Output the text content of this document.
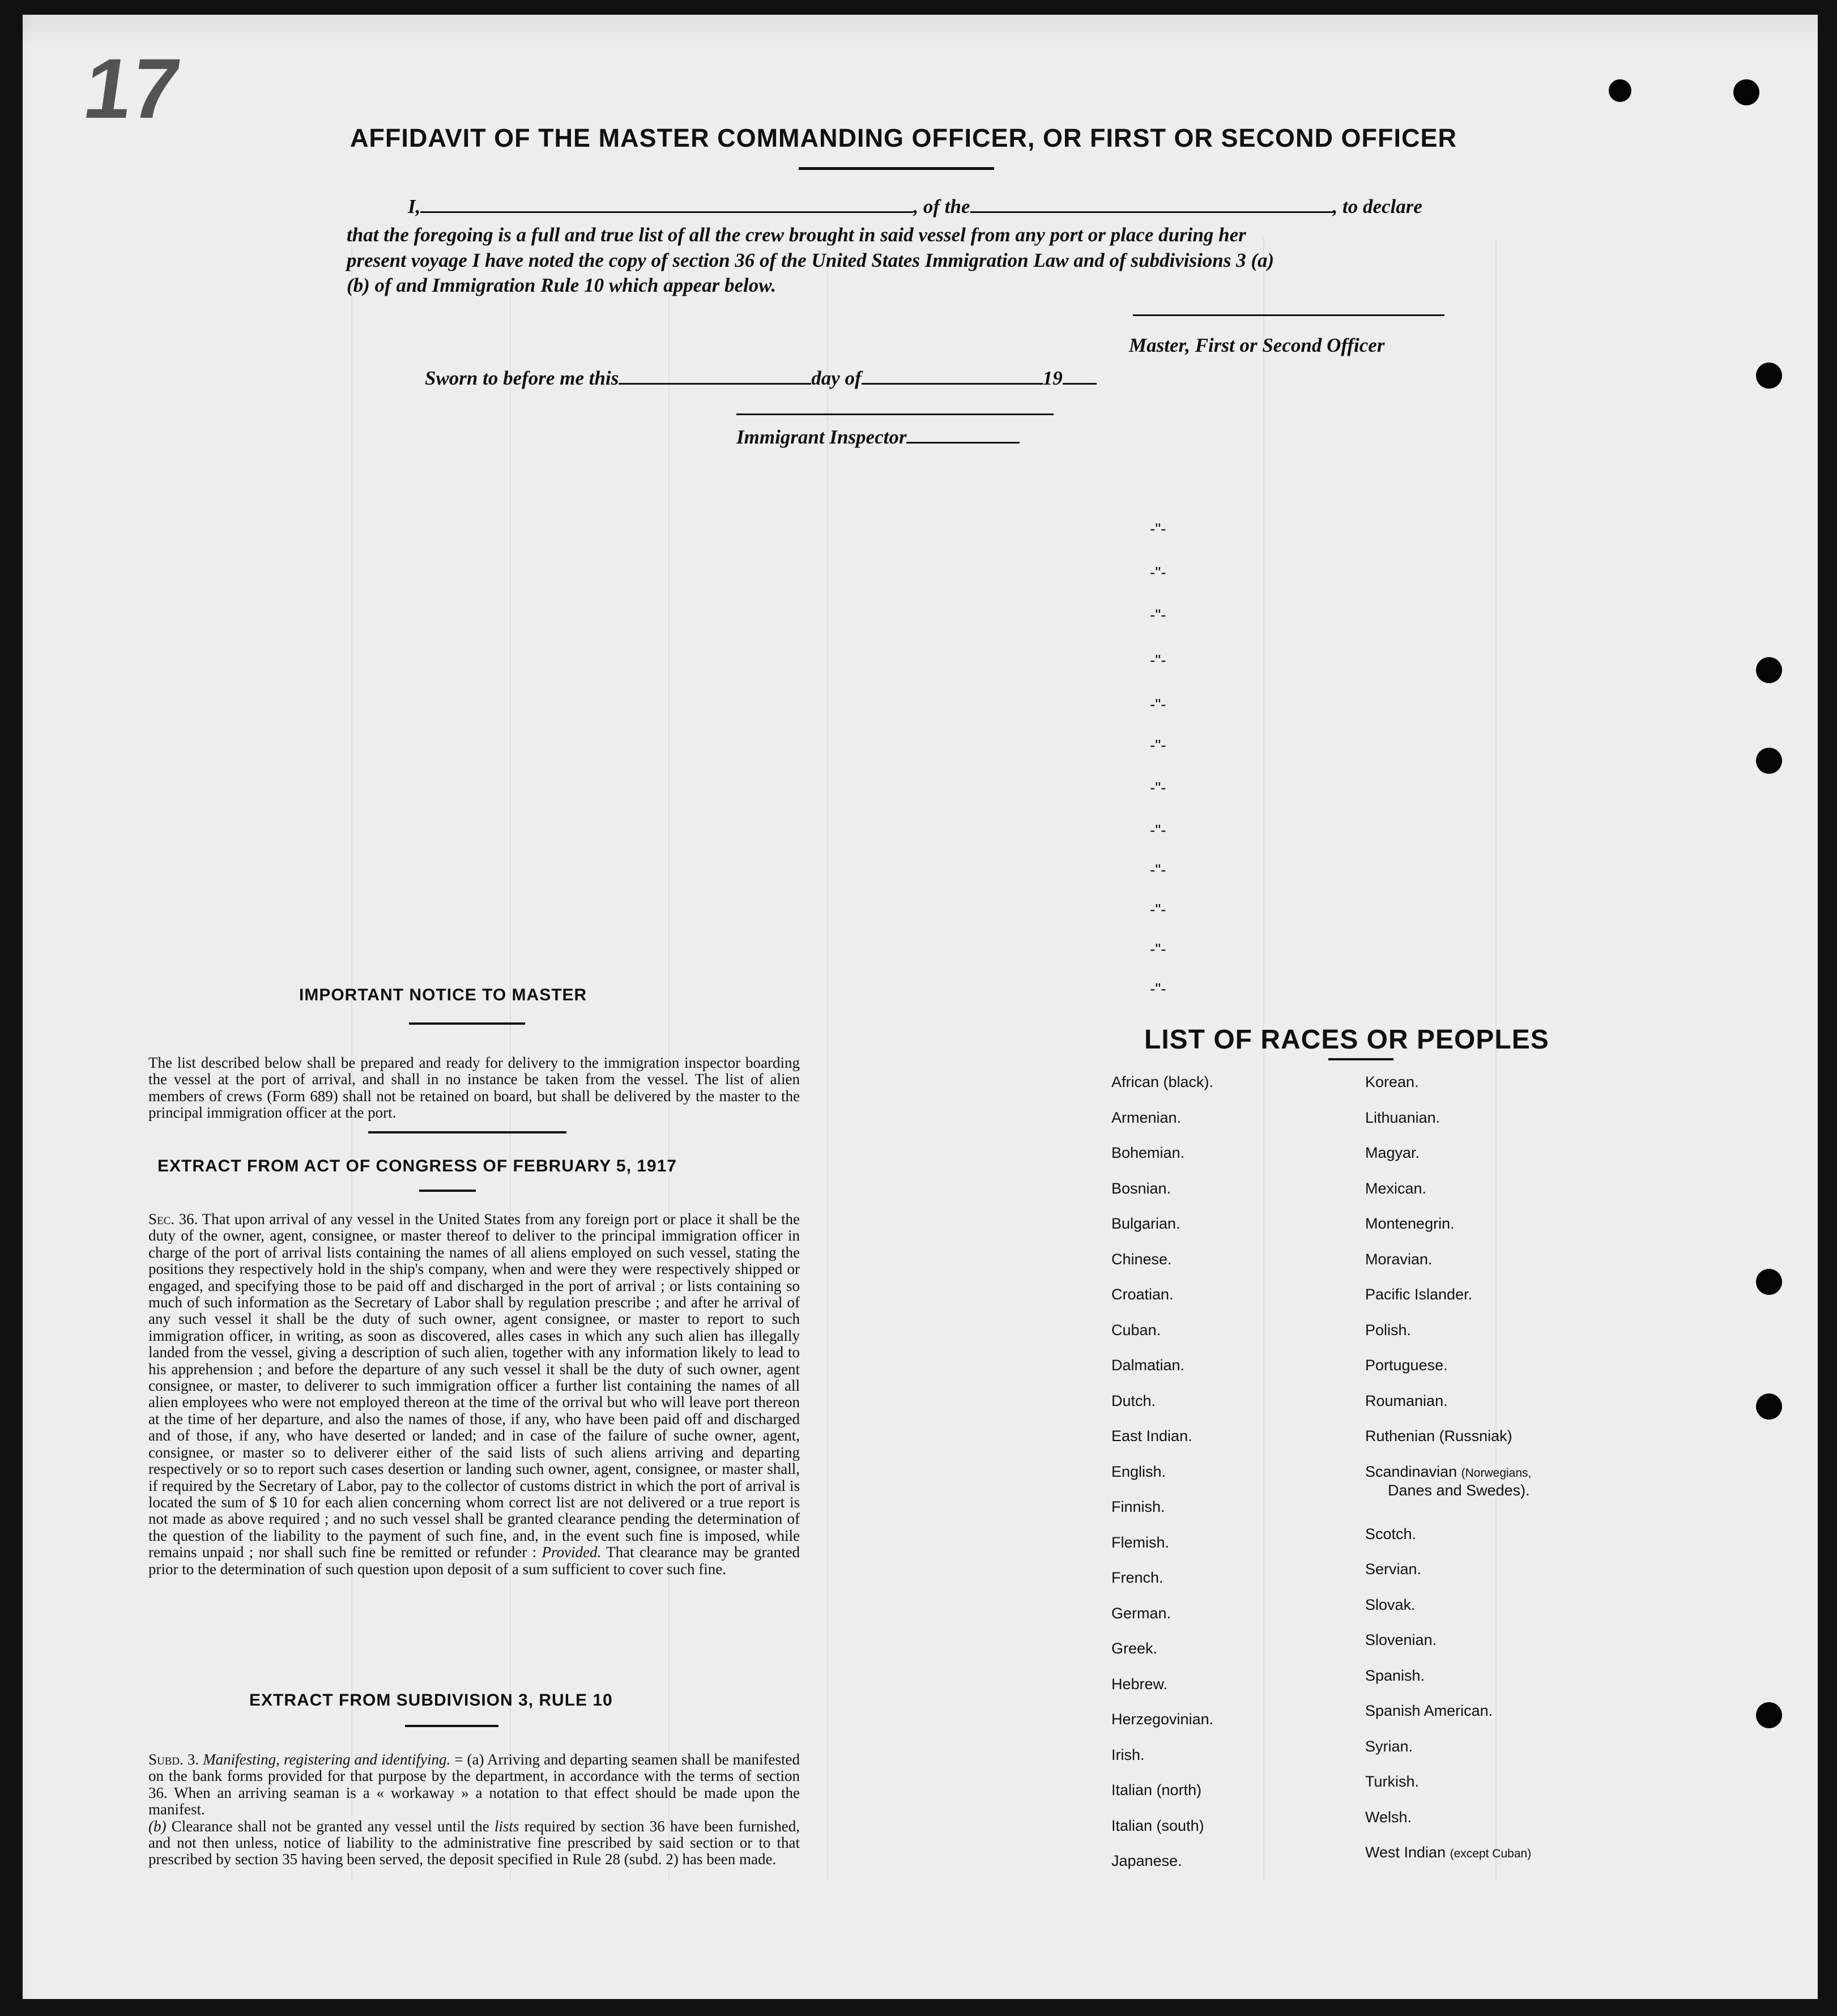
17
AFFIDAVIT OF THE MASTER COMMANDING OFFICER, OR FIRST OR SECOND OFFICER
I,	, of the	, to declare
that the foregoing is a full and true list of all the crew brought in said vessel from any port or place during her
present voyage I have noted the copy of section 36 of the United States Immigration Law and of subdivisions 3 (a)
(b) of and Immigration Rule 10 which appear below.
Master, First or Second Officer
Sworn to before me this	day of	19
Immigrant Inspector
-"-
-"-
-"-
-"-
-"-
-"-
-"-
-"-
-"-
-"-
-"-
-"-
IMPORTANT NOTICE TO MASTER
The list described below shall be prepared and ready for delivery to the immigration inspector boarding the vessel at the port of arrival, and shall in no instance be taken from the vessel. The list of alien members of crews (Form 689) shall not be retained on board, but shall be delivered by the master to the principal immigration officer at the port.
EXTRACT FROM ACT OF CONGRESS OF FEBRUARY 5, 1917
Sec. 36. That upon arrival of any vessel in the United States from any foreign port or place it shall be the duty of the owner, agent, consignee, or master thereof to deliver to the principal immigration officer in charge of the port of arrival lists containing the names of all aliens employed on such vessel, stating the positions they respectively hold in the ship's company, when and were they were respectively shipped or engaged, and specifying those to be paid off and discharged in the port of arrival ; or lists containing so much of such information as the Secretary of Labor shall by regulation prescribe ; and after he arrival of any such vessel it shall be the duty of such owner, agent consignee, or master to report to such immigration officer, in writing, as soon as discovered, alles cases in which any such alien has illegally landed from the vessel, giving a description of such alien, together with any information likely to lead to his apprehension ; and before the departure of any such vessel it shall be the duty of such owner, agent consignee, or master, to deliverer to such immigration officer a further list containing the names of all alien employees who were not employed thereon at the time of the orrival but who will leave port thereon at the time of her departure, and also the names of those, if any, who have been paid off and discharged and of those, if any, who have deserted or landed; and in case of the failure of suche owner, agent, consignee, or master so to deliverer either of the said lists of such aliens arriving and departing respectively or so to report such cases desertion or landing such owner, agent, consignee, or master shall, if required by the Secretary of Labor, pay to the collector of customs district in which the port of arrival is located the sum of $ 10 for each alien concerning whom correct list are not delivered or a true report is not made as above required ; and no such vessel shall be granted clearance pending the determination of the question of the liability to the payment of such fine, and, in the event such fine is imposed, while remains unpaid ; nor shall such fine be remitted or refunder : Provided. That clearance may be granted prior to the determination of such question upon deposit of a sum sufficient to cover such fine.
EXTRACT FROM SUBDIVISION 3, RULE 10
Subd. 3. Manifesting, registering and identifying. = (a) Arriving and departing seamen shall be manifested on the bank forms provided for that purpose by the department, in accordance with the terms of section 36. When an arriving seaman is a « workaway » a notation to that effect should be made upon the manifest.
(b) Clearance shall not be granted any vessel until the lists required by section 36 have been furnished, and not then unless, notice of liability to the administrative fine prescribed by said section or to that prescribed by section 35 having been served, the deposit specified in Rule 28 (subd. 2) has been made.
LIST OF RACES OR PEOPLES
African (black).
Armenian.
Bohemian.
Bosnian.
Bulgarian.
Chinese.
Croatian.
Cuban.
Dalmatian.
Dutch.
East Indian.
English.
Finnish.
Flemish.
French.
German.
Greek.
Hebrew.
Herzegovinian.
Irish.
Italian (north)
Italian (south)
Japanese.
Korean.
Lithuanian.
Magyar.
Mexican.
Montenegrin.
Moravian.
Pacific Islander.
Polish.
Portuguese.
Roumanian.
Ruthenian (Russniak)
Scandinavian (Norwegians,
Danes and Swedes).
Scotch.
Servian.
Slovak.
Slovenian.
Spanish.
Spanish American.
Syrian.
Turkish.
Welsh.
West Indian (except Cuban)
